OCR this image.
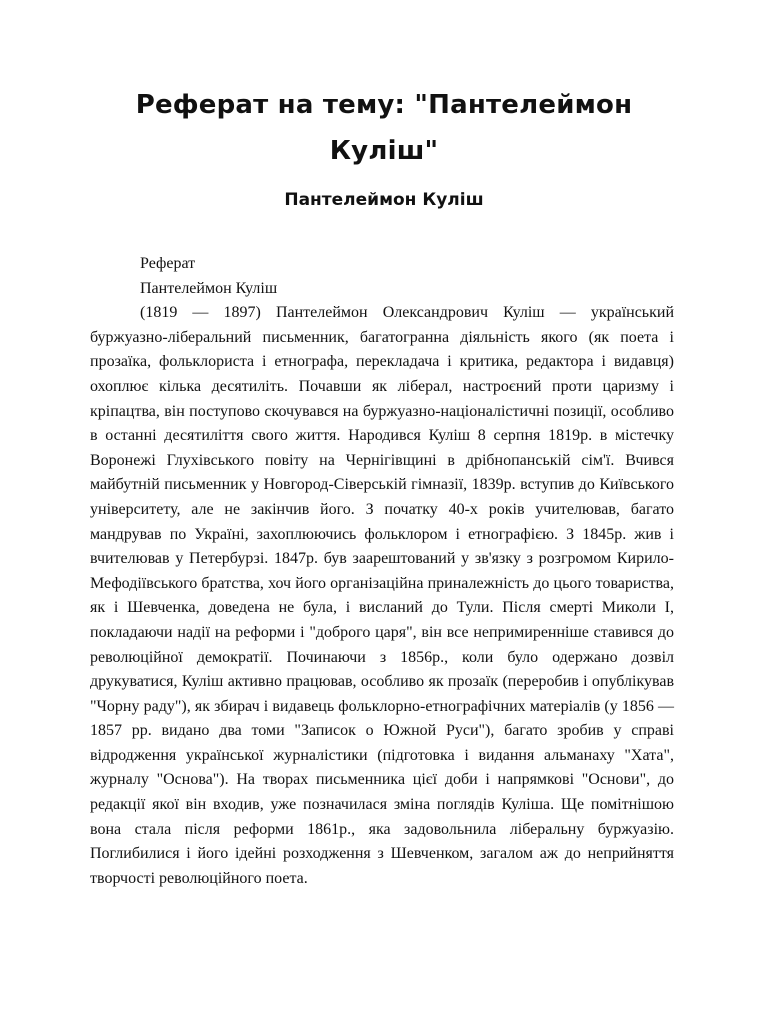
Реферат на тему: "Пантелеймон Куліш"
Пантелеймон Куліш

Реферат

Пантелеймон Куліш

(1819 — 1897) Пантелеймон Олександрович Куліш — український буржуазно-ліберальний письменник, багатогранна діяльність якого (як поета і прозаїка, фольклориста і етнографа, перекладача і критика, редактора і видавця) охоплює кілька десятиліть. Почавши як ліберал, настроєний проти царизму і кріпацтва, він поступово скочувався на буржуазно-націоналістичні позиції, особливо в останні десятиліття свого життя. Народився Куліш 8 серпня 1819р. в містечку Воронежі Глухівського повіту на Чернігівщині в дрібнопанській сім'ї. Вчився майбутній письменник у Новгород-Сіверській гімназії, 1839р. вступив до Київського університету, але не закінчив його. З початку 40-х років учителював, багато мандрував по Україні, захоплюючись фольклором і етнографією. З 1845р. жив і вчителював у Петербурзі. 1847р. був заарештований у зв'язку з розгромом Кирило-Мефодіївського братства, хоч його організаційна приналежність до цього товариства, як і Шевченка, доведена не була, і висланий до Тули. Після смерті Миколи І, покладаючи надії на реформи і "доброго царя", він все непримиренніше ставився до революційної демократії. Починаючи з 1856р., коли було одержано дозвіл друкуватися, Куліш активно працював, особливо як прозаїк (переробив і опублікував "Чорну раду"), як збирач і видавець фольклорно-етнографічних матеріалів (у 1856 — 1857 рр. видано два томи "Записок о Южной Руси"), багато зробив у справі відродження української журналістики (підготовка і видання альманаху "Хата", журналу "Основа"). На творах письменника цієї доби і напрямкові "Основи", до редакції якої він входив, уже позначилася зміна поглядів Куліша. Ще помітнішою вона стала після реформи 1861р., яка задовольнила ліберальну буржуазію. Поглибилися і його ідейні розходження з Шевченком, загалом аж до неприйняття творчості революційного поета.
